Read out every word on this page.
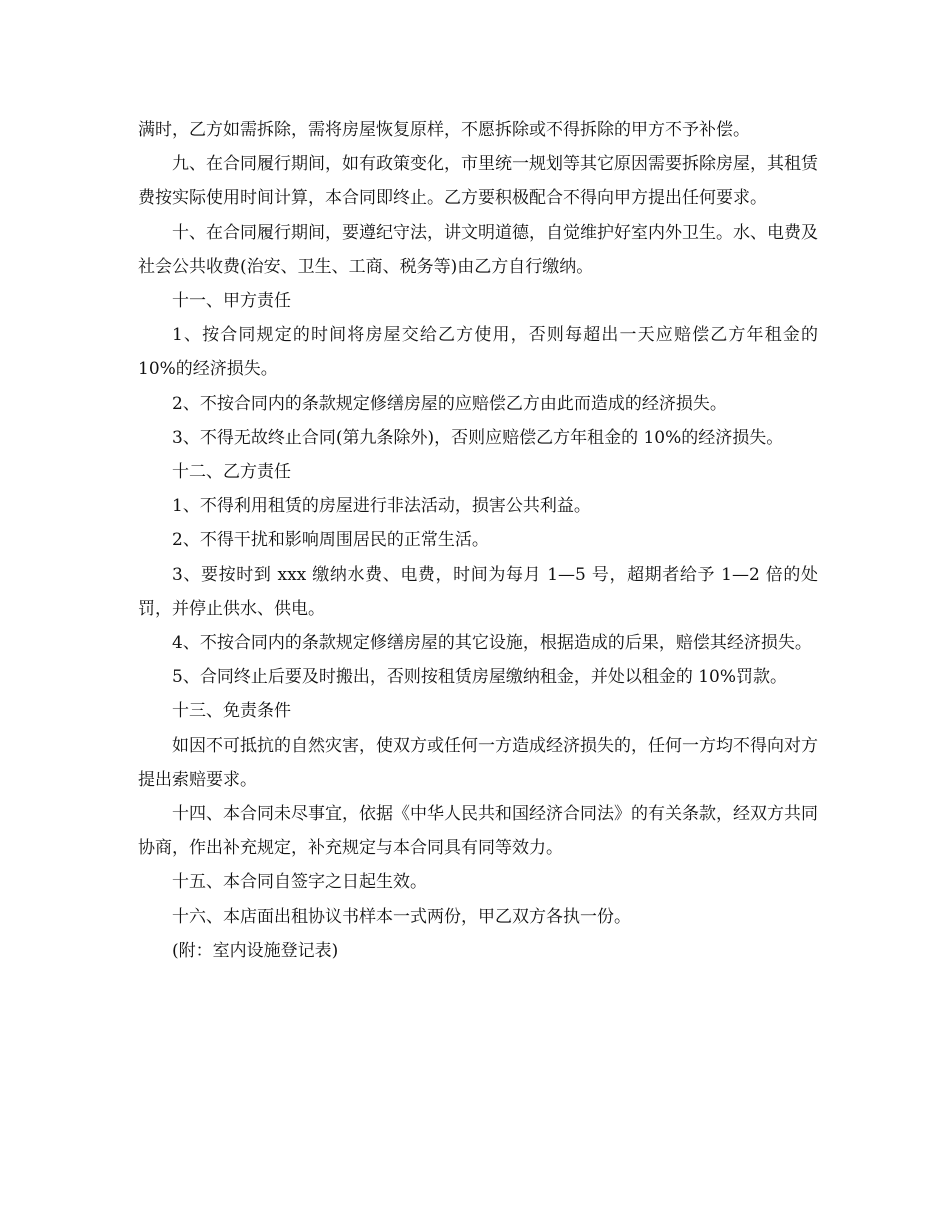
满时，乙方如需拆除，需将房屋恢复原样，不愿拆除或不得拆除的甲方不予补偿。

九、在合同履行期间，如有政策变化，市里统一规划等其它原因需要拆除房屋，其租赁费按实际使用时间计算，本合同即终止。乙方要积极配合不得向甲方提出任何要求。

十、在合同履行期间，要遵纪守法，讲文明道德，自觉维护好室内外卫生。水、电费及社会公共收费(治安、卫生、工商、税务等)由乙方自行缴纳。

十一、甲方责任

1、按合同规定的时间将房屋交给乙方使用，否则每超出一天应赔偿乙方年租金的 10%的经济损失。

2、不按合同内的条款规定修缮房屋的应赔偿乙方由此而造成的经济损失。

3、不得无故终止合同(第九条除外)，否则应赔偿乙方年租金的 10%的经济损失。

十二、乙方责任

1、不得利用租赁的房屋进行非法活动，损害公共利益。

2、不得干扰和影响周围居民的正常生活。

3、要按时到 xxx 缴纳水费、电费，时间为每月 1—5 号，超期者给予 1—2 倍的处罚，并停止供水、供电。

4、不按合同内的条款规定修缮房屋的其它设施，根据造成的后果，赔偿其经济损失。

5、合同终止后要及时搬出，否则按租赁房屋缴纳租金，并处以租金的 10%罚款。

十三、免责条件

如因不可抵抗的自然灾害，使双方或任何一方造成经济损失的，任何一方均不得向对方提出索赔要求。

十四、本合同未尽事宜，依据《中华人民共和国经济合同法》的有关条款，经双方共同协商，作出补充规定，补充规定与本合同具有同等效力。

十五、本合同自签字之日起生效。

十六、本店面出租协议书样本一式两份，甲乙双方各执一份。

(附：室内设施登记表)
